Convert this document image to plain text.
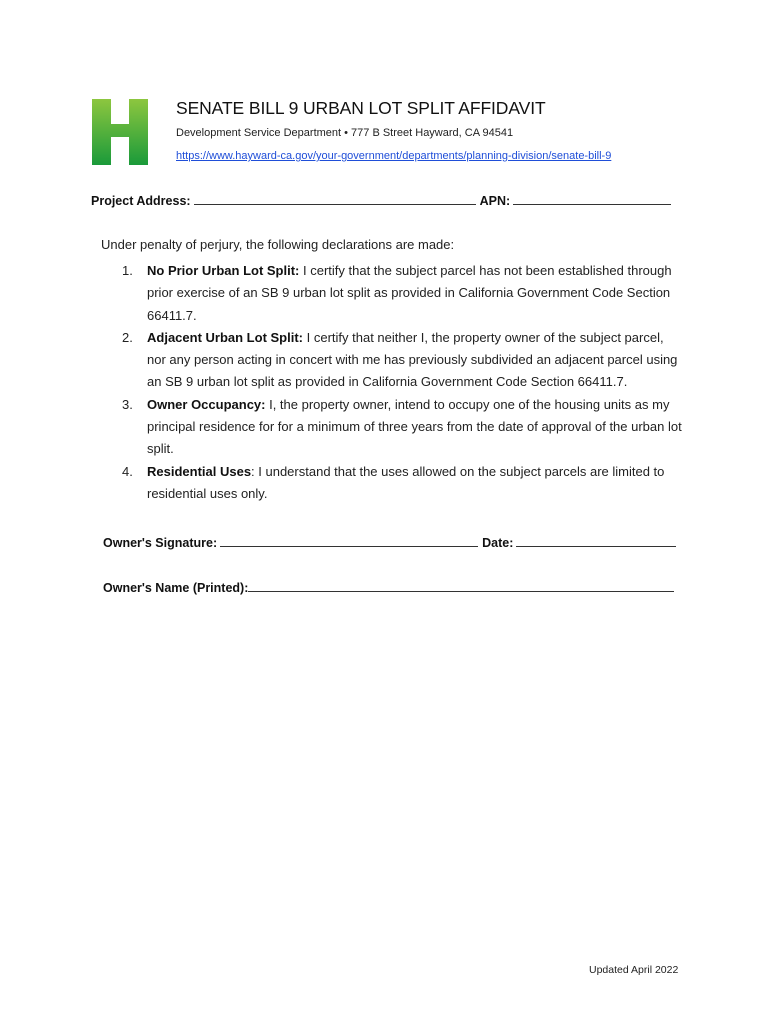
SENATE BILL 9 URBAN LOT SPLIT AFFIDAVIT
Development Service Department • 777 B Street Hayward, CA 94541
https://www.hayward-ca.gov/your-government/departments/planning-division/senate-bill-9
Project Address:	APN:
Under penalty of perjury, the following declarations are made:

1. No Prior Urban Lot Split: I certify that the subject parcel has not been established through prior exercise of an SB 9 urban lot split as provided in California Government Code Section 66411.7.

2. Adjacent Urban Lot Split: I certify that neither I, the property owner of the subject parcel, nor any person acting in concert with me has previously subdivided an adjacent parcel using an SB 9 urban lot split as provided in California Government Code Section 66411.7.

3. Owner Occupancy: I, the property owner, intend to occupy one of the housing units as my principal residence for for a minimum of three years from the date of approval of the urban lot split.

4. Residential Uses: I understand that the uses allowed on the subject parcels are limited to residential uses only.

Owner's Signature:	Date:
Owner's Name (Printed):
Updated April 2022
